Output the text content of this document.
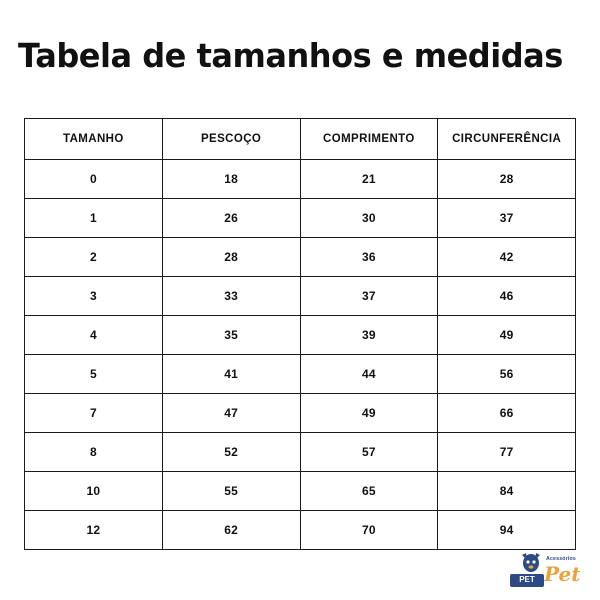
Tabela de tamanhos e medidas
TAMANHO	PESCOÇO	COMPRIMENTO	CIRCUNFERÊNCIA
0	18	21	28
1	26	30	37
2	28	36	42
3	33	37	46
4	35	39	49
5	41	44	56
7	47	49	66
8	52	57	77
10	55	65	84
12	62	70	94
Acessórios
Pet
PET
